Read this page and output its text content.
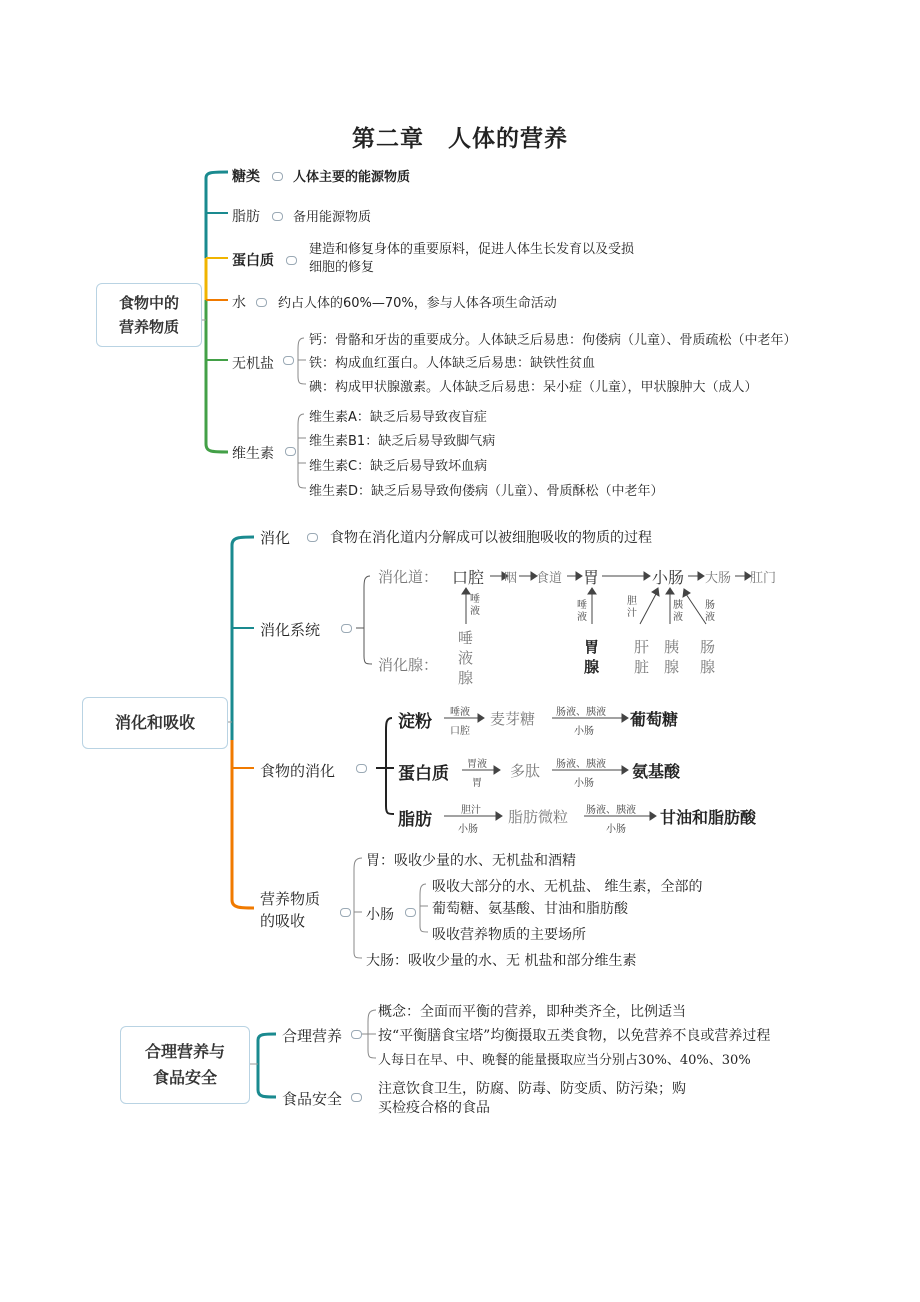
第二章　人体的营养
食物中的
营养物质
糖类	人体主要的能源物质
脂肪	备用能源物质
蛋白质
建造和修复身体的重要原料，促进人体生长发育以及受损
细胞的修复
水 约占人体的60%—70%，参与人体各项生命活动
无机盐
钙：骨骼和牙齿的重要成分。人体缺乏后易患：佝偻病（儿童）、骨质疏松（中老年）
铁：构成血红蛋白。人体缺乏后易患：缺铁性贫血
碘：构成甲状腺激素。人体缺乏后易患：呆小症（儿童），甲状腺肿大（成人）
维生素
维生素A：缺乏后易导致夜盲症
维生素B1：缺乏后易导致脚气病
维生素C：缺乏后易导致坏血病
维生素D：缺乏后易导致佝偻病（儿童）、骨质酥松（中老年）
消化和吸收
消化	食物在消化道内分解成可以被细胞吸收的物质的过程
消化系统
消化道： 口腔 咽 食道 胃	小肠 大肠 肛门
唾
液
唾
液
胆
汁
胰
液
肠
液
消化腺：
唾
液
腺
胃
腺
肝
脏
胰
腺
肠
腺
食物的消化
淀粉 唾液
口腔
麦芽糖 肠液、胰液
小肠
葡萄糖
蛋白质 胃液
胃
多肽 肠液、胰液
小肠
氨基酸
脂肪	胆汁
小肠
脂肪微粒 肠液、胰液
小肠
甘油和脂肪酸
营养物质
的吸收
胃：吸收少量的水、无机盐和酒精
小肠
吸收大部分的水、无机盐、 维生素，全部的
葡萄糖、氨基酸、甘油和脂肪酸
吸收营养物质的主要场所
大肠：吸收少量的水、无 机盐和部分维生素
合理营养与
食品安全
合理营养
概念：全面而平衡的营养，即种类齐全，比例适当
按“平衡膳食宝塔”均衡摄取五类食物，以免营养不良或营养过程
人每日在早、中、晚餐的能量摄取应当分别占30%、40%、30%
食品安全
注意饮食卫生，防腐、防毒、防变质、防污染；购
买检疫合格的食品
